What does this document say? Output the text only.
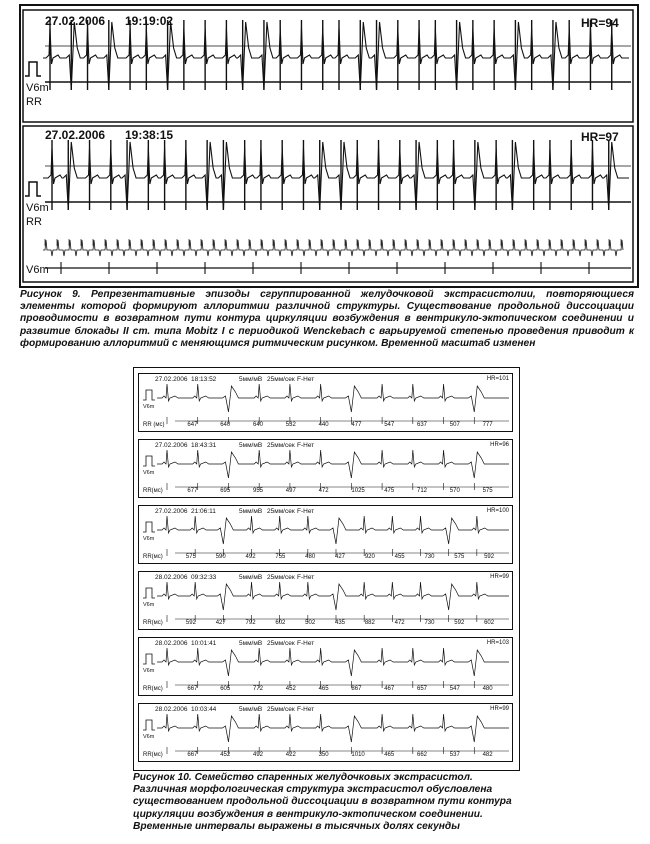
27.02.2006 19:19:02	HR=94
V6m
RR
27.02.2006 19:38:15	HR=97
V6m
RR
V6m
Рисунок 9. Репрезентативные эпизоды сгруппированной желудочковой экстрасистолии, повторяющиеся элементы которой формируют аллоритмии различной структуры. Существование продольной диссоциации проводимости в возвратном пути контура циркуляции возбуждения в вентрикуло-эктопическом соединении и развитие блокады II ст. типа Mobitz I с периодикой Wenckebach с варьируемой степенью проведения приводит к формированию аллоритмий с меняющимся ритмическим рисунком. Временной масштаб изменен
27.02.2006 18:13:52	5мм/мВ 25мм/сек F-Нет	HR=101
V6m
RR (мс)	647	640	640	532	440	477	547	637	507	777
27.02.2006 18:43:31	5мм/мВ 25мм/сек F-Нет	HR=96
V6m
RR(мс)	677	695	955	497	472	1025	475	712	570	575
27.02.2006 21:06:11	5мм/мВ 25мм/сек F-Нет	HR=100
V6m
RR(мс)	575	590	492	755	480	427	920	455	730	575	592
28.02.2006 09:32:33	5мм/мВ 25мм/сек F-Нет	HR=99
V6m
RR(мс)	592	427	792	602	502	435	882	472	730	592	602
28.02.2006 10:01:41	5мм/мВ 25мм/сек F-Нет	HR=103
V6m
RR(мс)	667	605	772	452	465	867	467	657	547	480
28.02.2006 10:03:44	5мм/мВ 25мм/сек F-Нет	HR=99
V6m
RR(мс)	667	452	492	422	350	1010	465	662	537	482
Рисунок 10. Семейство спаренных желудочковых экстрасистол. Различная морфологическая структура экстрасистол обусловлена существованием продольной диссоциации в возвратном пути контура циркуляции возбуждения в вентрикуло-эктопическом соединении. Временные интервалы выражены в тысячных долях секунды
